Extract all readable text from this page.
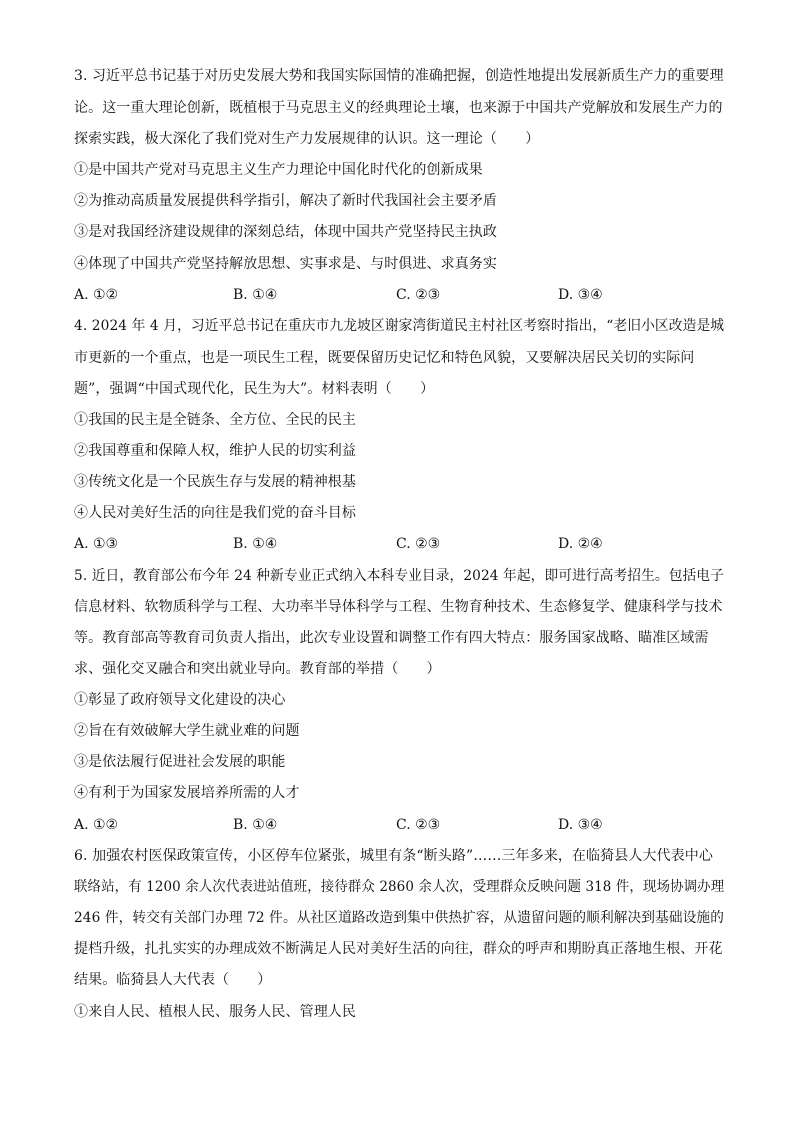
3. 习近平总书记基于对历史发展大势和我国实际国情的准确把握，创造性地提出发展新质生产力的重要理
论。这一重大理论创新，既植根于马克思主义的经典理论土壤，也来源于中国共产党解放和发展生产力的
探索实践，极大深化了我们党对生产力发展规律的认识。这一理论（　　）
①是中国共产党对马克思主义生产力理论中国化时代化的创新成果
②为推动高质量发展提供科学指引，解决了新时代我国社会主要矛盾
③是对我国经济建设规律的深刻总结，体现中国共产党坚持民主执政
④体现了中国共产党坚持解放思想、实事求是、与时俱进、求真务实
A. ①②	B. ①④	C. ②③	D. ③④
4. 2024 年 4 月，习近平总书记在重庆市九龙坡区谢家湾街道民主村社区考察时指出，“老旧小区改造是城
市更新的一个重点，也是一项民生工程，既要保留历史记忆和特色风貌，又要解决居民关切的实际问
题”，强调“中国式现代化，民生为大”。材料表明（　　）
①我国的民主是全链条、全方位、全民的民主
②我国尊重和保障人权，维护人民的切实利益
③传统文化是一个民族生存与发展的精神根基
④人民对美好生活的向往是我们党的奋斗目标
A. ①③	B. ①④	C. ②③	D. ②④
5. 近日，教育部公布今年 24 种新专业正式纳入本科专业目录，2024 年起，即可进行高考招生。包括电子
信息材料、软物质科学与工程、大功率半导体科学与工程、生物育种技术、生态修复学、健康科学与技术
等。教育部高等教育司负责人指出，此次专业设置和调整工作有四大特点：服务国家战略、瞄准区域需
求、强化交叉融合和突出就业导向。教育部的举措（　　）
①彰显了政府领导文化建设的决心
②旨在有效破解大学生就业难的问题
③是依法履行促进社会发展的职能
④有利于为国家发展培养所需的人才
A. ①②	B. ①④	C. ②③	D. ③④
6. 加强农村医保政策宣传，小区停车位紧张，城里有条“断头路”……三年多来，在临猗县人大代表中心
联络站，有 1200 余人次代表进站值班，接待群众 2860 余人次，受理群众反映问题 318 件，现场协调办理
246 件，转交有关部门办理 72 件。从社区道路改造到集中供热扩容，从遗留问题的顺利解决到基础设施的
提档升级，扎扎实实的办理成效不断满足人民对美好生活的向往，群众的呼声和期盼真正落地生根、开花
结果。临猗县人大代表（　　）
①来自人民、植根人民、服务人民、管理人民
